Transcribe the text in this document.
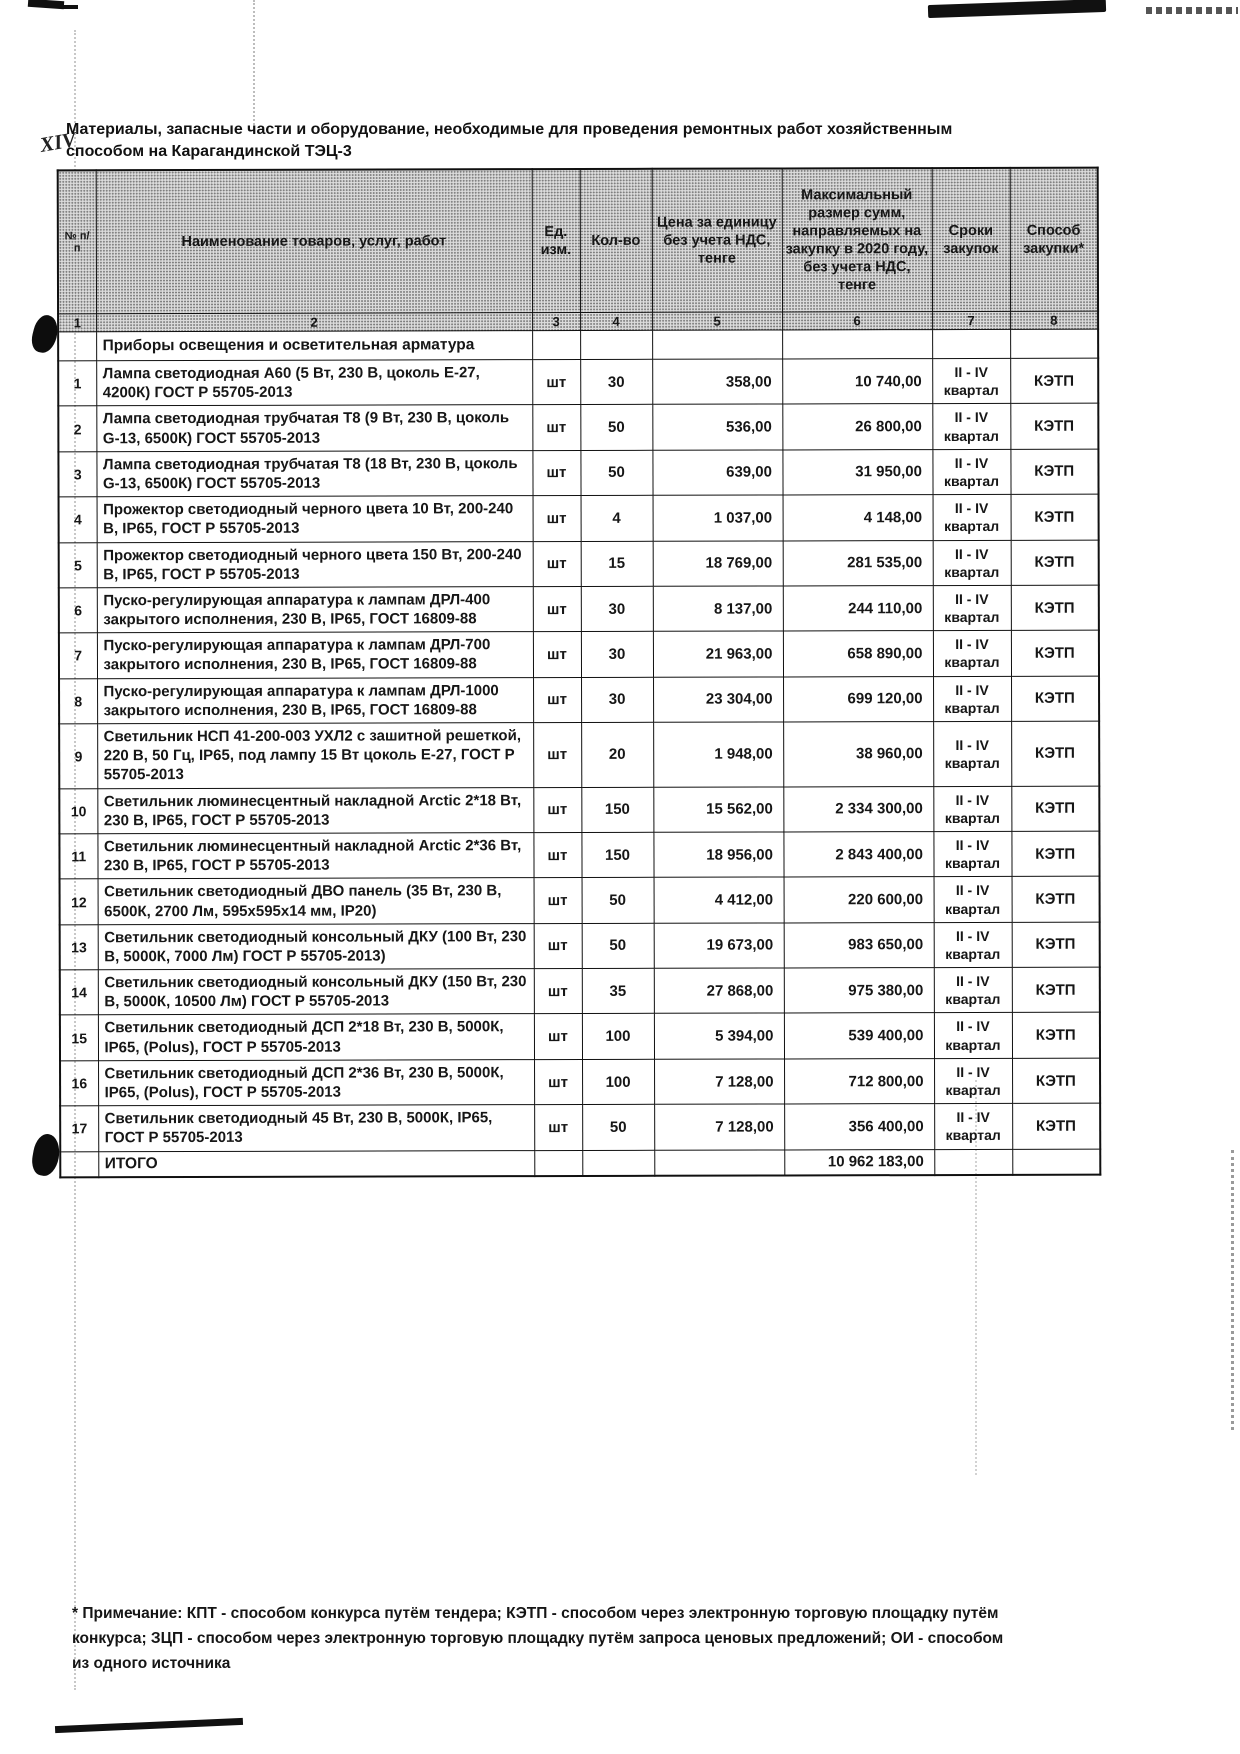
XIV
Материалы, запасные части и оборудование, необходимые для проведения ремонтных работ хозяйственным способом на Карагандинской ТЭЦ-3
№ п/п	Наименование товаров, услуг, работ	Ед. изм.	Кол-во	Цена за единицу без учета НДС, тенге	Максимальный размер сумм, направляемых на закупку в 2020 году, без учета НДС, тенге	Сроки закупок	Способ закупки*
1	2	3	4	5	6	7	8
	Приборы освещения и осветительная арматура						
1	Лампа светодиодная А60 (5 Вт, 230 В, цоколь Е-27, 4200К) ГОСТ Р 55705-2013	шт	30	358,00	10 740,00	II - IV квартал	КЭТП
2	Лампа светодиодная трубчатая Т8 (9 Вт, 230 В, цоколь G-13, 6500К) ГОСТ 55705-2013	шт	50	536,00	26 800,00	II - IV квартал	КЭТП
3	Лампа светодиодная трубчатая Т8 (18 Вт, 230 В, цоколь G-13, 6500К) ГОСТ 55705-2013	шт	50	639,00	31 950,00	II - IV квартал	КЭТП
4	Прожектор светодиодный черного цвета 10 Вт, 200-240 В, IP65, ГОСТ Р 55705-2013	шт	4	1 037,00	4 148,00	II - IV квартал	КЭТП
5	Прожектор светодиодный черного цвета 150 Вт, 200-240 В, IP65, ГОСТ Р 55705-2013	шт	15	18 769,00	281 535,00	II - IV квартал	КЭТП
6	Пуско-регулирующая аппаратура к лампам ДРЛ-400 закрытого исполнения, 230 В, IP65, ГОСТ 16809-88	шт	30	8 137,00	244 110,00	II - IV квартал	КЭТП
7	Пуско-регулирующая аппаратура к лампам ДРЛ-700 закрытого исполнения, 230 В, IP65, ГОСТ 16809-88	шт	30	21 963,00	658 890,00	II - IV квартал	КЭТП
8	Пуско-регулирующая аппаратура к лампам ДРЛ-1000 закрытого исполнения, 230 В, IP65, ГОСТ 16809-88	шт	30	23 304,00	699 120,00	II - IV квартал	КЭТП
9	Светильник НСП 41-200-003 УХЛ2 с зашитной решеткой, 220 В, 50 Гц, IP65, под лампу 15 Вт цоколь Е-27, ГОСТ Р 55705-2013	шт	20	1 948,00	38 960,00	II - IV квартал	КЭТП
10	Светильник люминесцентный накладной Arctic 2*18 Вт, 230 В, IP65, ГОСТ Р 55705-2013	шт	150	15 562,00	2 334 300,00	II - IV квартал	КЭТП
11	Светильник люминесцентный накладной Arctic 2*36 Вт, 230 В, IP65, ГОСТ Р 55705-2013	шт	150	18 956,00	2 843 400,00	II - IV квартал	КЭТП
12	Светильник светодиодный ДВО панель (35 Вт, 230 В, 6500К, 2700 Лм, 595х595х14 мм, IP20)	шт	50	4 412,00	220 600,00	II - IV квартал	КЭТП
13	Светильник светодиодный консольный ДКУ (100 Вт, 230 В, 5000К, 7000 Лм) ГОСТ Р 55705-2013)	шт	50	19 673,00	983 650,00	II - IV квартал	КЭТП
14	Светильник светодиодный консольный ДКУ (150 Вт, 230 В, 5000К, 10500 Лм) ГОСТ Р 55705-2013	шт	35	27 868,00	975 380,00	II - IV квартал	КЭТП
15	Светильник светодиодный ДСП 2*18 Вт, 230 В, 5000К, IP65, (Polus), ГОСТ Р 55705-2013	шт	100	5 394,00	539 400,00	II - IV квартал	КЭТП
16	Светильник светодиодный ДСП 2*36 Вт, 230 В, 5000К, IP65, (Polus), ГОСТ Р 55705-2013	шт	100	7 128,00	712 800,00	II - IV квартал	КЭТП
17	Светильник светодиодный 45 Вт, 230 В, 5000К, IP65, ГОСТ Р 55705-2013	шт	50	7 128,00	356 400,00	II - IV квартал	КЭТП
	ИТОГО				10 962 183,00		
* Примечание: КПТ - способом конкурса путём тендера; КЭТП - способом через электронную торговую площадку путём конкурса; ЗЦП - способом через электронную торговую площадку путём запроса ценовых предложений; ОИ - способом из одного источника
